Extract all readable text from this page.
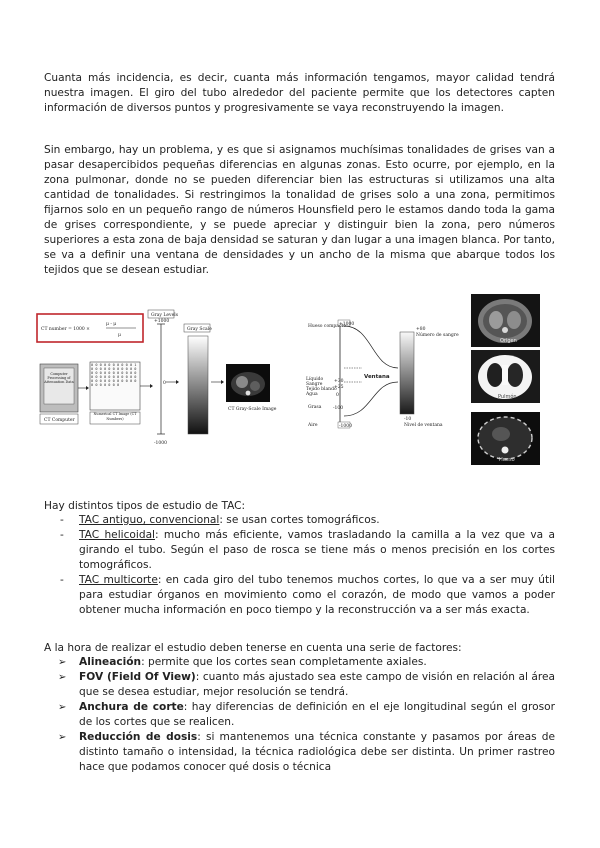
Cuanta más incidencia, es decir, cuanta más información tengamos, mayor calidad tendrá nuestra imagen. El giro del tubo alrededor del paciente permite que los detectores capten información de diversos puntos y progresivamente se vaya reconstruyendo la imagen.

Sin embargo, hay un problema, y es que si asignamos muchísimas tonalidades de grises van a pasar desapercibidos pequeñas diferencias en algunas zonas. Esto ocurre, por ejemplo, en la zona pulmonar, donde no se pueden diferenciar bien las estructuras si utilizamos una alta cantidad de tonalidades. Si restringimos la tonalidad de grises solo a una zona, permitimos fijarnos solo en un pequeño rango de números Hounsfield pero le estamos dando toda la gama de grises correspondiente, y se puede apreciar y distinguir bien la zona, pero números superiores a esta zona de baja densidad se saturan y dan lugar a una imagen blanca. Por tanto, se va a definir una ventana de densidades y un ancho de la misma que abarque todos los tejidos que se desean estudiar.

CT number = 1000 ×
μ - μ
μ
Computer Processing of Attenuation Data
CT Computer
0 0 0 0 0 0 0 0 0 0 1 0 0 0 0 0 0 0 0 0 0 0 0 0 0 0 0 0 0 0 0 0 0 0 0 0 0 0 0 0 0 0 0 0 0 0 0 0 0 0 0 0 0 0 0 0 0 0 0 0 0 0
Numerical CT Image (CT Numbers)
Gray Levels
+1000
-1000
0
Gray Scale
CT Gray-Scale Image
+1000
Hueso compacto
Líquido
Sangre
Tejido blando
Agua
+30
+25
0
Grasa	-100
Aire	-1000
Ventana
+80
Número de sangre
-10
Nivel de ventana
Origen
Pulmón
Hueso

Hay distintos tipos de estudio de TAC:

- TAC antiguo, convencional: se usan cortes tomográficos.
- TAC helicoidal: mucho más eficiente, vamos trasladando la camilla a la vez que va a girando el tubo. Según el paso de rosca se tiene más o menos precisión en los cortes tomográficos.
- TAC multicorte: en cada giro del tubo tenemos muchos cortes, lo que va a ser muy útil para estudiar órganos en movimiento como el corazón, de modo que vamos a poder obtener mucha información en poco tiempo y la reconstrucción va a ser más exacta.

A la hora de realizar el estudio deben tenerse en cuenta una serie de factores:

➢ Alineación: permite que los cortes sean completamente axiales.
➢ FOV (Field Of View): cuanto más ajustado sea este campo de visión en relación al área que se desea estudiar, mejor resolución se tendrá.
➢ Anchura de corte: hay diferencias de definición en el eje longitudinal según el grosor de los cortes que se realicen.
➢ Reducción de dosis: si mantenemos una técnica constante y pasamos por áreas de distinto tamaño o intensidad, la técnica radiológica debe ser distinta. Un primer rastreo hace que podamos conocer qué dosis o técnica
